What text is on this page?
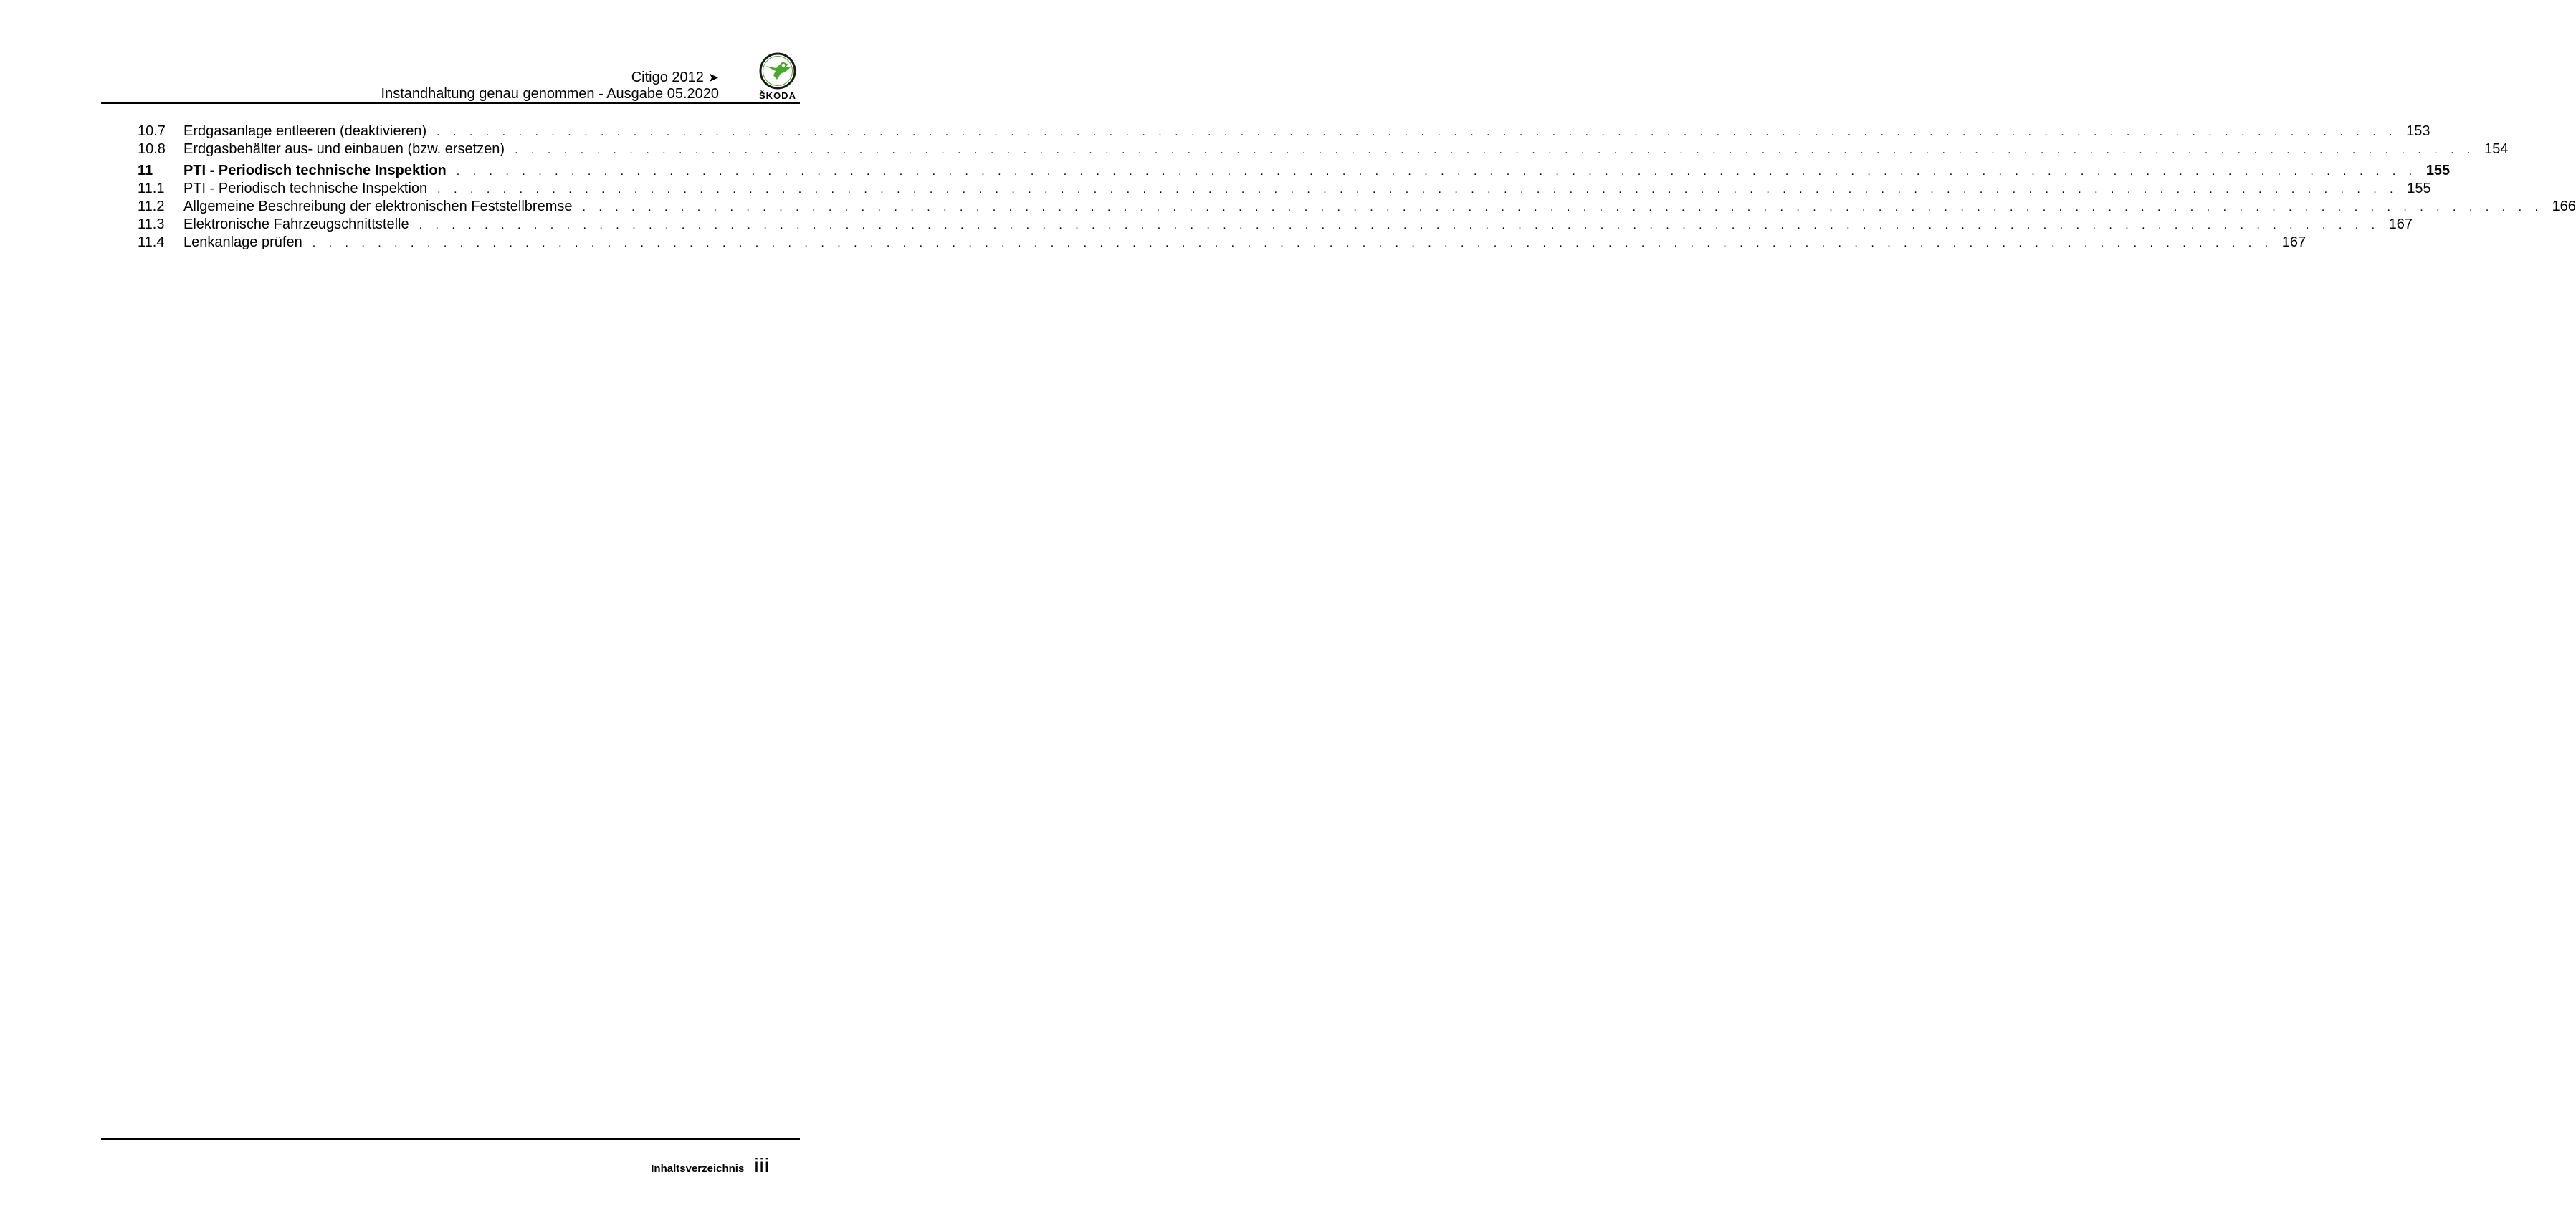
Citigo 2012 ➤
Instandhaltung genau genommen - Ausgabe 05.2020	ŠKODA
10.7	Erdgasanlage entleeren (deaktivieren) . . . . . . . . . . . . . . . . . . . . . . . . . . . . . . . . . . . . . . . . . . . . . . . . . . . . . . . . . . . . . . . . . . . . . . . . . . . . . . . . . . . . . . . . . . . . . . . . . . . . . . . . . . . . . . . . . . . . . . . . 153
10.8	Erdgasbehälter aus- und einbauen (bzw. ersetzen) . . . . . . . . . . . . . . . . . . . . . . . . . . . . . . . . . . . . . . . . . . . . . . . . . . . . . . . . . . . . . . . . . . . . . . . . . . . . . . . . . . . . . . . . . . . . . . . . . . . . . . . . . . . . . . . . . . . . . . . . 154
11	PTI - Periodisch technische Inspektion . . . . . . . . . . . . . . . . . . . . . . . . . . . . . . . . . . . . . . . . . . . . . . . . . . . . . . . . . . . . . . . . . . . . . . . . . . . . . . . . . . . . . . . . . . . . . . . . . . . . . . . . . . . . . . . . . . . . . . . . 155
11.1	PTI - Periodisch technische Inspektion . . . . . . . . . . . . . . . . . . . . . . . . . . . . . . . . . . . . . . . . . . . . . . . . . . . . . . . . . . . . . . . . . . . . . . . . . . . . . . . . . . . . . . . . . . . . . . . . . . . . . . . . . . . . . . . . . . . . . . . . 155
11.2	Allgemeine Beschreibung der elektronischen Feststellbremse . . . . . . . . . . . . . . . . . . . . . . . . . . . . . . . . . . . . . . . . . . . . . . . . . . . . . . . . . . . . . . . . . . . . . . . . . . . . . . . . . . . . . . . . . . . . . . . . . . . . . . . . . . . . . . . . . . . . . . . . 166
11.3	Elektronische Fahrzeugschnittstelle . . . . . . . . . . . . . . . . . . . . . . . . . . . . . . . . . . . . . . . . . . . . . . . . . . . . . . . . . . . . . . . . . . . . . . . . . . . . . . . . . . . . . . . . . . . . . . . . . . . . . . . . . . . . . . . . . . . . . . . . 167
11.4	Lenkanlage prüfen . . . . . . . . . . . . . . . . . . . . . . . . . . . . . . . . . . . . . . . . . . . . . . . . . . . . . . . . . . . . . . . . . . . . . . . . . . . . . . . . . . . . . . . . . . . . . . . . . . . . . . . . . . . . . . . . . . . . . . . . 167
Inhaltsverzeichnis iii
